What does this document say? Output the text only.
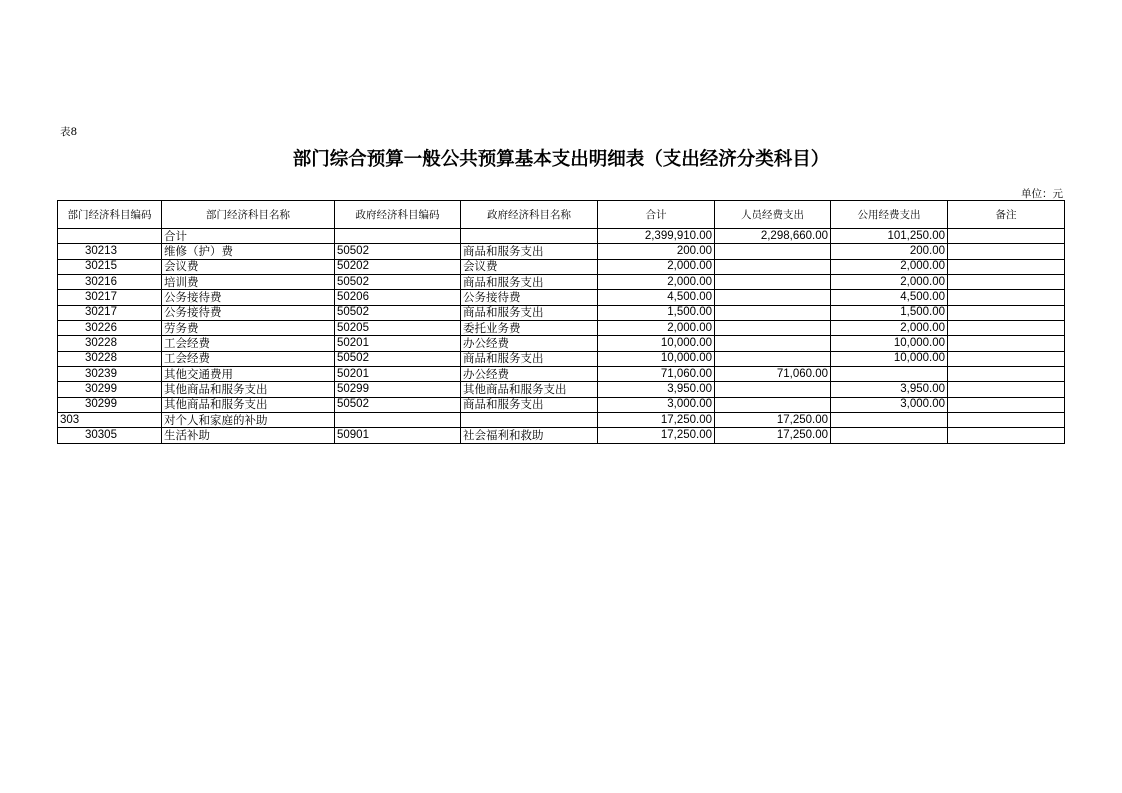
表8
部门综合预算一般公共预算基本支出明细表（支出经济分类科目）
单位：元
部门经济科目编码	部门经济科目名称	政府经济科目编码	政府经济科目名称	合计	人员经费支出	公用经费支出	备注
	合计			2,399,910.00	2,298,660.00	101,250.00	
30213	维修（护）费	50502	商品和服务支出	200.00		200.00	
30215	会议费	50202	会议费	2,000.00		2,000.00	
30216	培训费	50502	商品和服务支出	2,000.00		2,000.00	
30217	公务接待费	50206	公务接待费	4,500.00		4,500.00	
30217	公务接待费	50502	商品和服务支出	1,500.00		1,500.00	
30226	劳务费	50205	委托业务费	2,000.00		2,000.00	
30228	工会经费	50201	办公经费	10,000.00		10,000.00	
30228	工会经费	50502	商品和服务支出	10,000.00		10,000.00	
30239	其他交通费用	50201	办公经费	71,060.00	71,060.00		
30299	其他商品和服务支出	50299	其他商品和服务支出	3,950.00		3,950.00	
30299	其他商品和服务支出	50502	商品和服务支出	3,000.00		3,000.00	
303	对个人和家庭的补助			17,250.00	17,250.00		
30305	生活补助	50901	社会福利和救助	17,250.00	17,250.00		
